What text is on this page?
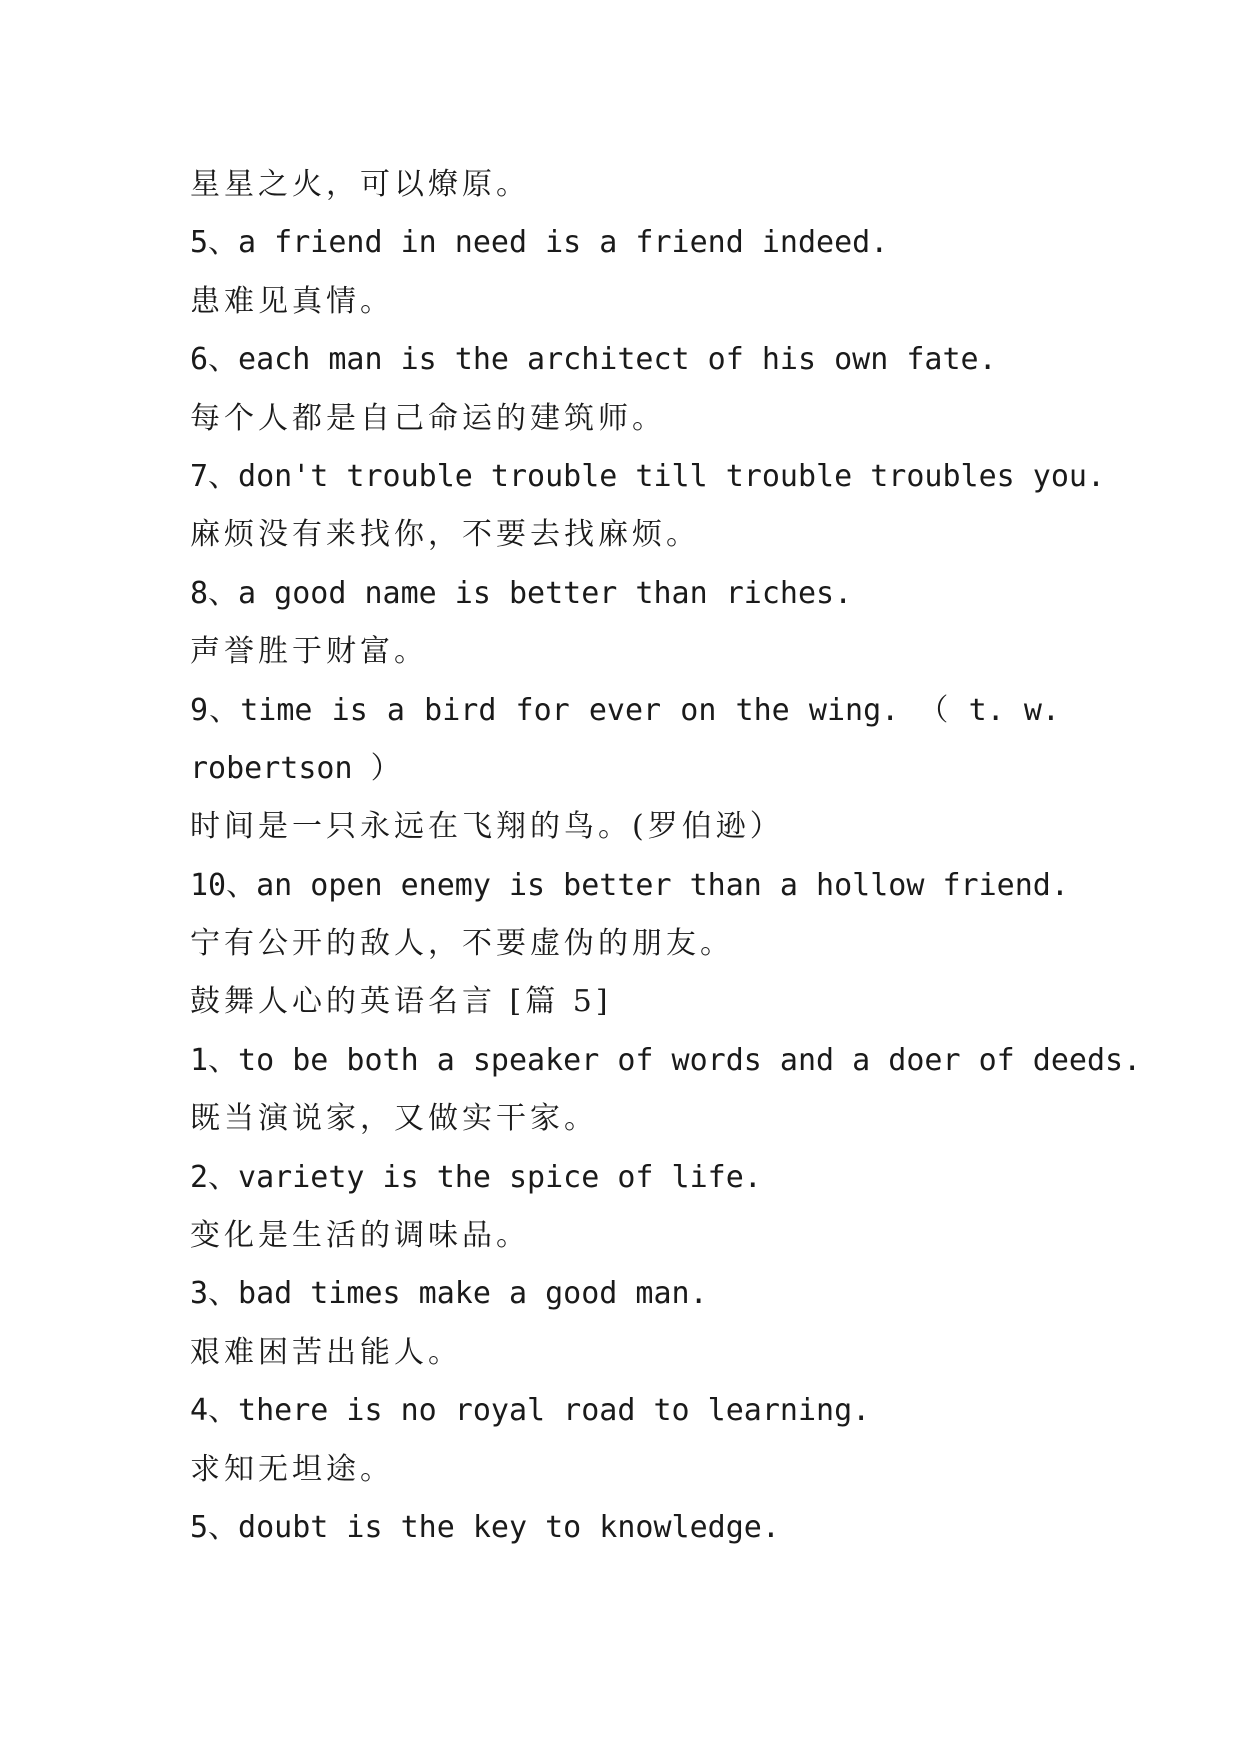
星星之火，可以燎原。
5、a friend in need is a friend indeed.
患难见真情。
6、each man is the architect of his own fate.
每个人都是自己命运的建筑师。
7、don't trouble trouble till trouble troubles you.
麻烦没有来找你，不要去找麻烦。
8、a good name is better than riches.
声誉胜于财富。
9、time is a bird for ever on the wing. （ t. w.
robertson ）
时间是一只永远在飞翔的鸟。(罗伯逊）
10、an open enemy is better than a hollow friend.
宁有公开的敌人，不要虚伪的朋友。
鼓舞人心的英语名言 [篇 5]
1、to be both a speaker of words and a doer of deeds.
既当演说家，又做实干家。
2、variety is the spice of life.
变化是生活的调味品。
3、bad times make a good man.
艰难困苦出能人。
4、there is no royal road to learning.
求知无坦途。
5、doubt is the key to knowledge.
